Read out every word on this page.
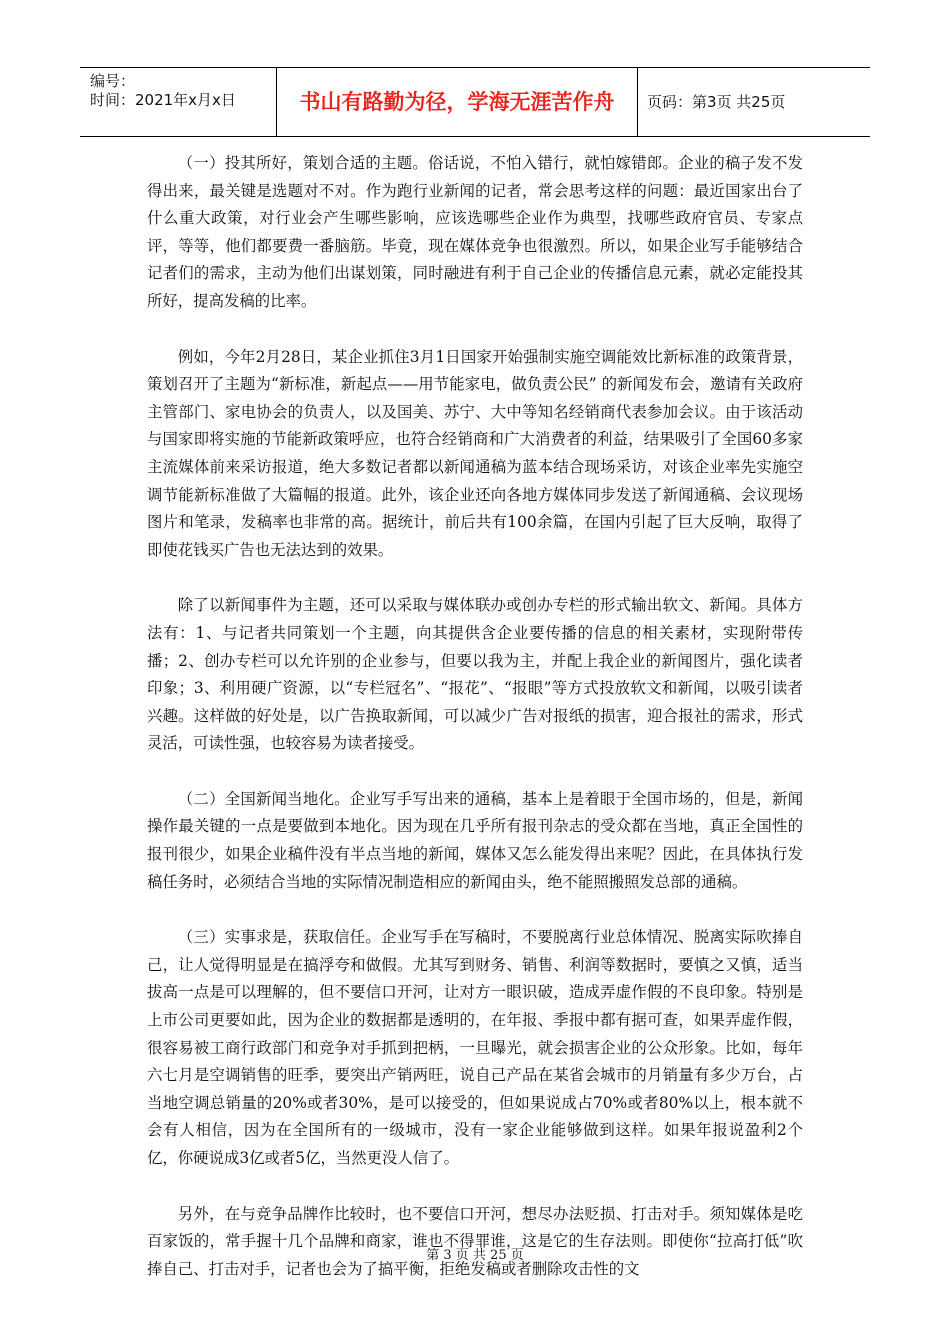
编号：
时间：2021年x月x日	书山有路勤为径，学海无涯苦作舟	页码：第3页 共25页

（一）投其所好，策划合适的主题。俗话说，不怕入错行，就怕嫁错郎。企业的稿子发不发得出来，最关键是选题对不对。作为跑行业新闻的记者，常会思考这样的问题：最近国家出台了什么重大政策，对行业会产生哪些影响，应该选哪些企业作为典型，找哪些政府官员、专家点评，等等，他们都要费一番脑筋。毕竟，现在媒体竞争也很激烈。所以，如果企业写手能够结合记者们的需求，主动为他们出谋划策，同时融进有利于自己企业的传播信息元素，就必定能投其所好，提高发稿的比率。

例如，今年2月28日，某企业抓住3月1日国家开始强制实施空调能效比新标准的政策背景，策划召开了主题为“新标准，新起点——用节能家电，做负责公民” 的新闻发布会，邀请有关政府主管部门、家电协会的负责人，以及国美、苏宁、大中等知名经销商代表参加会议。由于该活动与国家即将实施的节能新政策呼应，也符合经销商和广大消费者的利益，结果吸引了全国60多家主流媒体前来采访报道，绝大多数记者都以新闻通稿为蓝本结合现场采访，对该企业率先实施空调节能新标准做了大篇幅的报道。此外，该企业还向各地方媒体同步发送了新闻通稿、会议现场图片和笔录，发稿率也非常的高。据统计，前后共有100余篇，在国内引起了巨大反响，取得了即使花钱买广告也无法达到的效果。

除了以新闻事件为主题，还可以采取与媒体联办或创办专栏的形式输出软文、新闻。具体方法有：1、与记者共同策划一个主题，向其提供含企业要传播的信息的相关素材，实现附带传播；2、创办专栏可以允许别的企业参与，但要以我为主，并配上我企业的新闻图片，强化读者印象；3、利用硬广资源，以“专栏冠名”、“报花”、“报眼”等方式投放软文和新闻，以吸引读者兴趣。这样做的好处是，以广告换取新闻，可以减少广告对报纸的损害，迎合报社的需求，形式灵活，可读性强，也较容易为读者接受。

（二）全国新闻当地化。企业写手写出来的通稿，基本上是着眼于全国市场的，但是，新闻操作最关键的一点是要做到本地化。因为现在几乎所有报刊杂志的受众都在当地，真正全国性的报刊很少，如果企业稿件没有半点当地的新闻，媒体又怎么能发得出来呢？因此，在具体执行发稿任务时，必须结合当地的实际情况制造相应的新闻由头，绝不能照搬照发总部的通稿。

（三）实事求是，获取信任。企业写手在写稿时，不要脱离行业总体情况、脱离实际吹捧自己，让人觉得明显是在搞浮夸和做假。尤其写到财务、销售、利润等数据时，要慎之又慎，适当拔高一点是可以理解的，但不要信口开河，让对方一眼识破，造成弄虚作假的不良印象。特别是上市公司更要如此，因为企业的数据都是透明的，在年报、季报中都有据可查，如果弄虚作假，很容易被工商行政部门和竞争对手抓到把柄，一旦曝光，就会损害企业的公众形象。比如，每年六七月是空调销售的旺季，要突出产销两旺，说自己产品在某省会城市的月销量有多少万台，占当地空调总销量的20%或者30%，是可以接受的，但如果说成占70%或者80%以上，根本就不会有人相信，因为在全国所有的一级城市，没有一家企业能够做到这样。如果年报说盈利2个亿，你硬说成3亿或者5亿，当然更没人信了。

另外，在与竞争品牌作比较时，也不要信口开河，想尽办法贬损、打击对手。须知媒体是吃百家饭的，常手握十几个品牌和商家，谁也不得罪谁，这是它的生存法则。即使你“拉高打低”吹捧自己、打击对手，记者也会为了搞平衡，拒绝发稿或者删除攻击性的文

第 3 页 共 25 页
